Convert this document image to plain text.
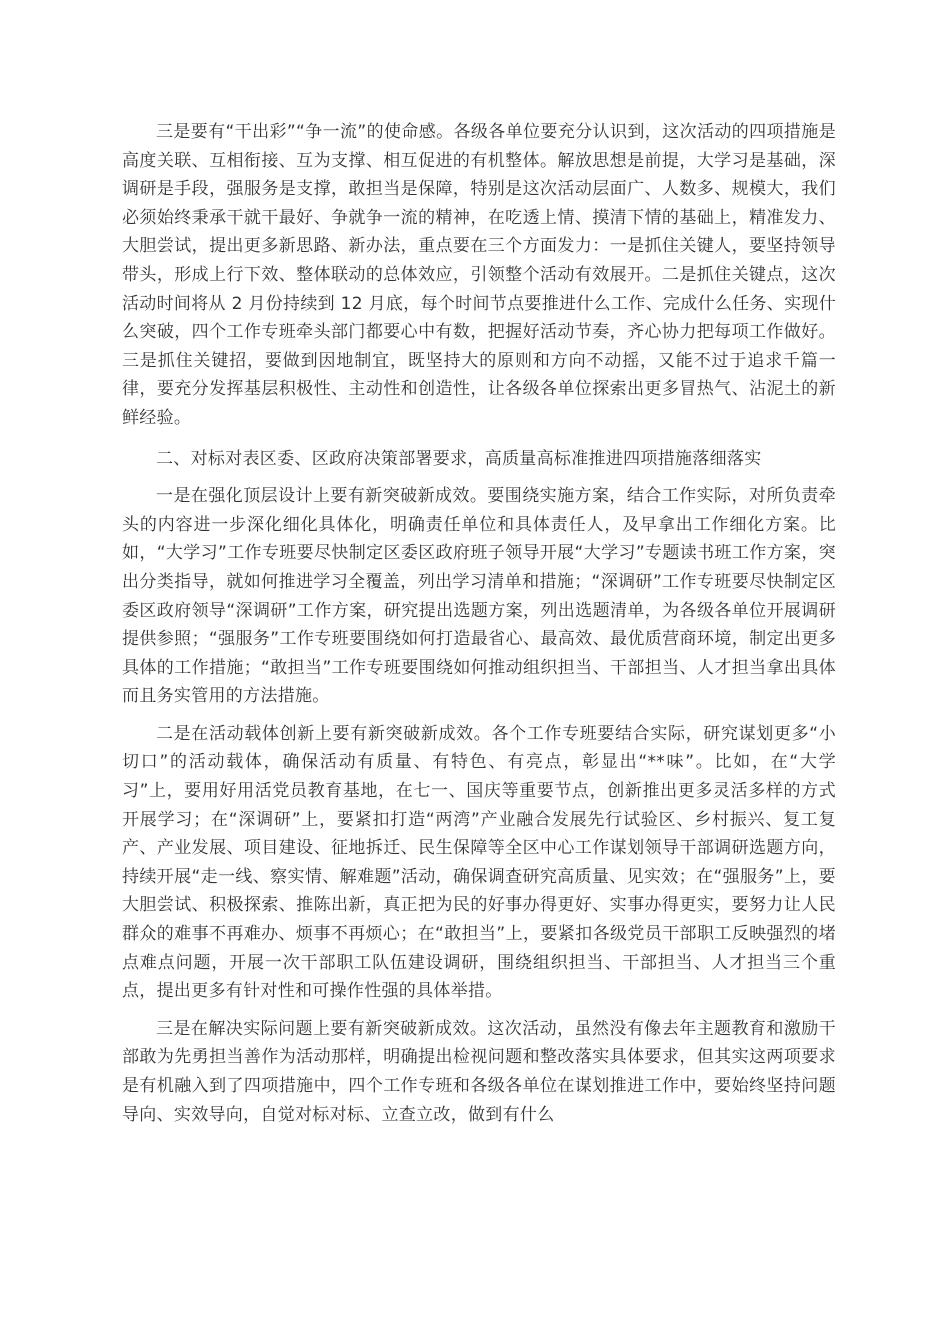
三是要有“干出彩”“争一流”的使命感。各级各单位要充分认识到，这次活动的四项措施是高度关联、互相衔接、互为支撑、相互促进的有机整体。解放思想是前提，大学习是基础，深调研是手段，强服务是支撑，敢担当是保障，特别是这次活动层面广、人数多、规模大，我们必须始终秉承干就干最好、争就争一流的精神，在吃透上情、摸清下情的基础上，精准发力、大胆尝试，提出更多新思路、新办法，重点要在三个方面发力：一是抓住关键人，要坚持领导带头，形成上行下效、整体联动的总体效应，引领整个活动有效展开。二是抓住关键点，这次活动时间将从 2 月份持续到 12 月底，每个时间节点要推进什么工作、完成什么任务、实现什么突破，四个工作专班牵头部门都要心中有数，把握好活动节奏，齐心协力把每项工作做好。三是抓住关键招，要做到因地制宜，既坚持大的原则和方向不动摇，又能不过于追求千篇一律，要充分发挥基层积极性、主动性和创造性，让各级各单位探索出更多冒热气、沾泥土的新鲜经验。

二、对标对表区委、区政府决策部署要求，高质量高标准推进四项措施落细落实

一是在强化顶层设计上要有新突破新成效。要围绕实施方案，结合工作实际，对所负责牵头的内容进一步深化细化具体化，明确责任单位和具体责任人，及早拿出工作细化方案。比如，“大学习”工作专班要尽快制定区委区政府班子领导开展“大学习”专题读书班工作方案，突出分类指导，就如何推进学习全覆盖，列出学习清单和措施；“深调研”工作专班要尽快制定区委区政府领导“深调研”工作方案，研究提出选题方案，列出选题清单，为各级各单位开展调研提供参照；“强服务”工作专班要围绕如何打造最省心、最高效、最优质营商环境，制定出更多具体的工作措施；“敢担当”工作专班要围绕如何推动组织担当、干部担当、人才担当拿出具体而且务实管用的方法措施。

二是在活动载体创新上要有新突破新成效。各个工作专班要结合实际，研究谋划更多“小切口”的活动载体，确保活动有质量、有特色、有亮点，彰显出“**味”。比如，在“大学习”上，要用好用活党员教育基地，在七一、国庆等重要节点，创新推出更多灵活多样的方式开展学习；在“深调研”上，要紧扣打造“两湾”产业融合发展先行试验区、乡村振兴、复工复产、产业发展、项目建设、征地拆迁、民生保障等全区中心工作谋划领导干部调研选题方向，持续开展“走一线、察实情、解难题”活动，确保调查研究高质量、见实效；在“强服务”上，要大胆尝试、积极探索、推陈出新，真正把为民的好事办得更好、实事办得更实，要努力让人民群众的难事不再难办、烦事不再烦心；在“敢担当”上，要紧扣各级党员干部职工反映强烈的堵点难点问题，开展一次干部职工队伍建设调研，围绕组织担当、干部担当、人才担当三个重点，提出更多有针对性和可操作性强的具体举措。

三是在解决实际问题上要有新突破新成效。这次活动，虽然没有像去年主题教育和激励干部敢为先勇担当善作为活动那样，明确提出检视问题和整改落实具体要求，但其实这两项要求是有机融入到了四项措施中，四个工作专班和各级各单位在谋划推进工作中，要始终坚持问题导向、实效导向，自觉对标对标、立查立改，做到有什么
